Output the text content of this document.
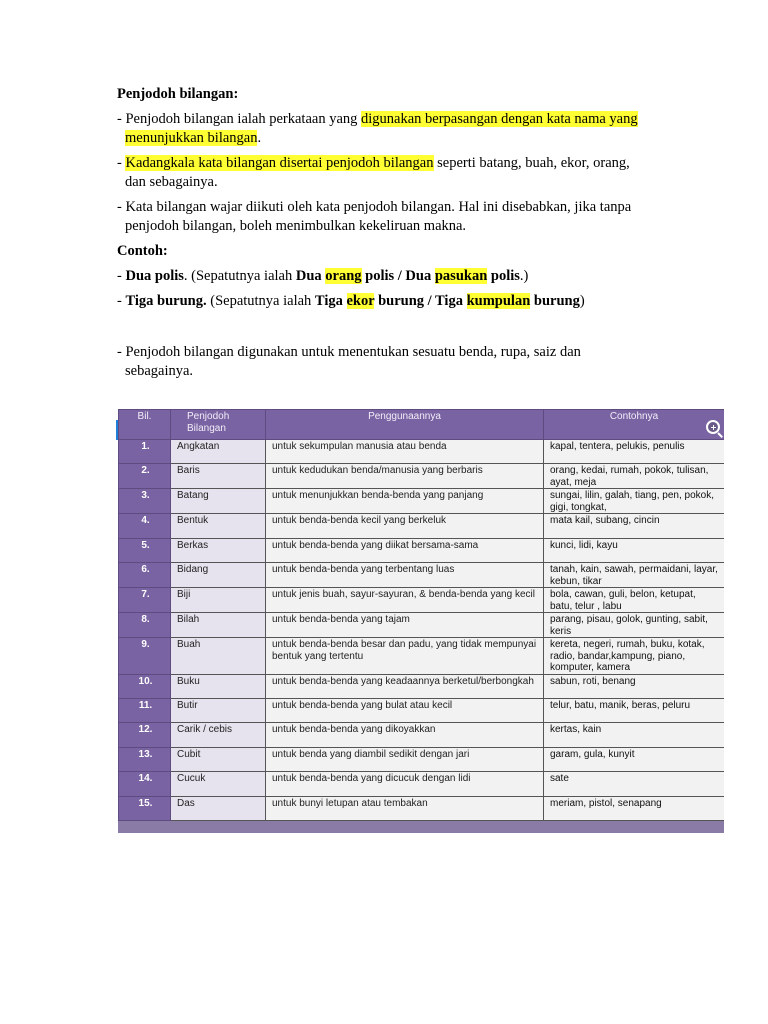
Penjodoh bilangan:

- Penjodoh bilangan ialah perkataan yang digunakan berpasangan dengan kata nama yang menunjukkan bilangan.

- Kadangkala kata bilangan disertai penjodoh bilangan seperti batang, buah, ekor, orang, dan sebagainya.

- Kata bilangan wajar diikuti oleh kata penjodoh bilangan. Hal ini disebabkan, jika tanpa penjodoh bilangan, boleh menimbulkan kekeliruan makna.

Contoh:

- Dua polis. (Sepatutnya ialah Dua orang polis / Dua pasukan polis.)

- Tiga burung. (Sepatutnya ialah Tiga ekor burung / Tiga kumpulan burung)

- Penjodoh bilangan digunakan untuk menentukan sesuatu benda, rupa, saiz dan sebagainya.

Bil.	Penjodoh Bilangan	Penggunaannya	Contohnya
1.	Angkatan	untuk sekumpulan manusia atau benda	kapal, tentera, pelukis, penulis
2.	Baris	untuk kedudukan benda/manusia yang berbaris	orang, kedai, rumah, pokok, tulisan, ayat, meja
3.	Batang	untuk menunjukkan benda-benda yang panjang	sungai, lilin, galah, tiang, pen, pokok, gigi, tongkat,
4.	Bentuk	untuk benda-benda kecil yang berkeluk	mata kail, subang, cincin
5.	Berkas	untuk benda-benda yang diikat bersama-sama	kunci, lidi, kayu
6.	Bidang	untuk benda-benda yang terbentang luas	tanah, kain, sawah, permaidani, layar, kebun, tikar
7.	Biji	untuk jenis buah, sayur-sayuran, & benda-benda yang kecil	bola, cawan, guli, belon, ketupat, batu, telur , labu
8.	Bilah	untuk benda-benda yang tajam	parang, pisau, golok, gunting, sabit, keris
9.	Buah	untuk benda-benda besar dan padu, yang tidak mempunyai bentuk yang tertentu	kereta, negeri, rumah, buku, kotak, radio, bandar,kampung, piano, komputer, kamera
10.	Buku	untuk benda-benda yang keadaannya berketul/berbongkah	sabun, roti, benang
11.	Butir	untuk benda-benda yang bulat atau kecil	telur, batu, manik, beras, peluru
12.	Carik / cebis	untuk benda-benda yang dikoyakkan	kertas, kain
13.	Cubit	untuk benda yang diambil sedikit dengan jari	garam, gula, kunyit
14.	Cucuk	untuk benda-benda yang dicucuk dengan lidi	sate
15.	Das	untuk bunyi letupan atau tembakan	meriam, pistol, senapang
